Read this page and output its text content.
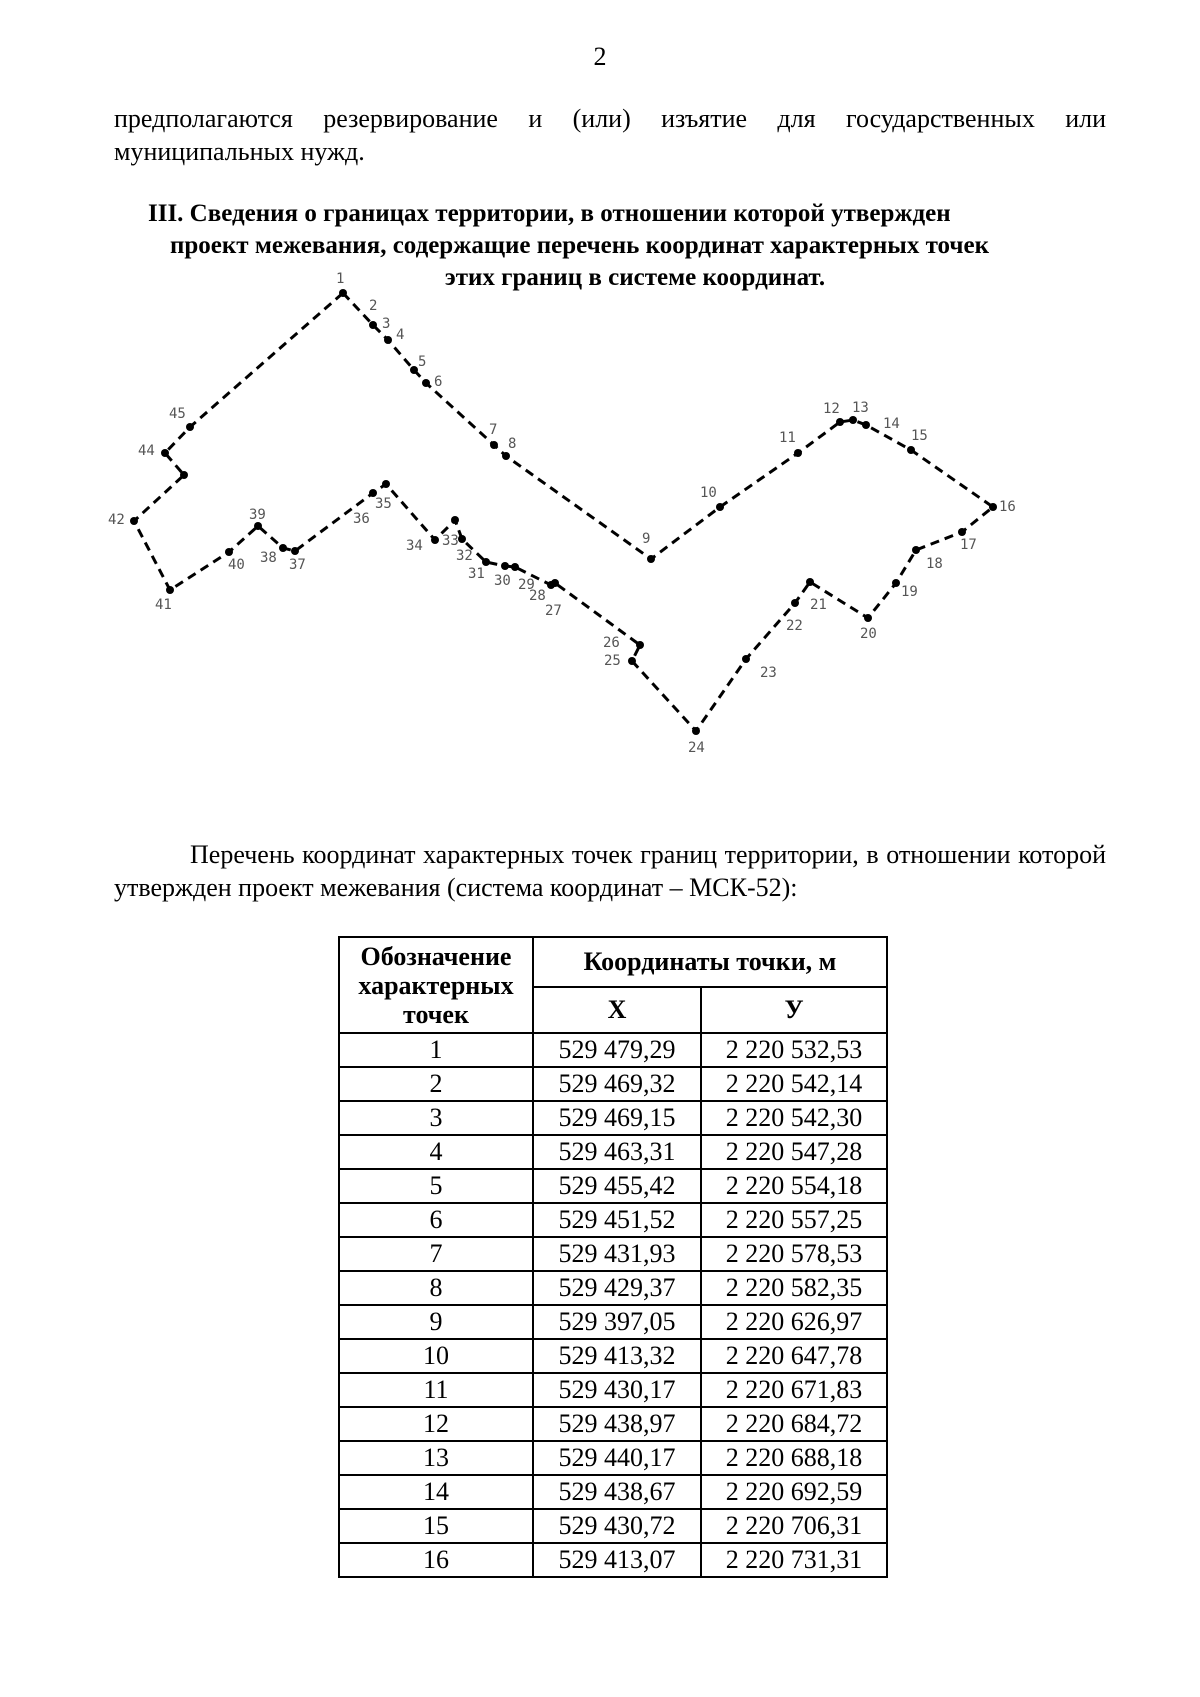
2

предполагаются резервирование и (или) изъятие для государственных или муниципальных нужд.

III. Сведения о границах территории, в отношении которой утвержден
проект межевания, содержащие перечень координат характерных точек
этих границ в системе координат.
1
2
3
4
5
6
7
8
9
10
11
12 13
14
15
16
17
18
19
20
21
22
23
24
25
26
27
28
29
30
31
32
33
34
35
36
37
38
39
40
41
42
44
45

Перечень координат характерных точек границ территории, в отношении которой утвержден проект межевания (система координат – МСК-52):

Обозначение характерных точек	Координаты точки, м	
	X	У
1	529 479,29	2 220 532,53
2	529 469,32	2 220 542,14
3	529 469,15	2 220 542,30
4	529 463,31	2 220 547,28
5	529 455,42	2 220 554,18
6	529 451,52	2 220 557,25
7	529 431,93	2 220 578,53
8	529 429,37	2 220 582,35
9	529 397,05	2 220 626,97
10	529 413,32	2 220 647,78
11	529 430,17	2 220 671,83
12	529 438,97	2 220 684,72
13	529 440,17	2 220 688,18
14	529 438,67	2 220 692,59
15	529 430,72	2 220 706,31
16	529 413,07	2 220 731,31
